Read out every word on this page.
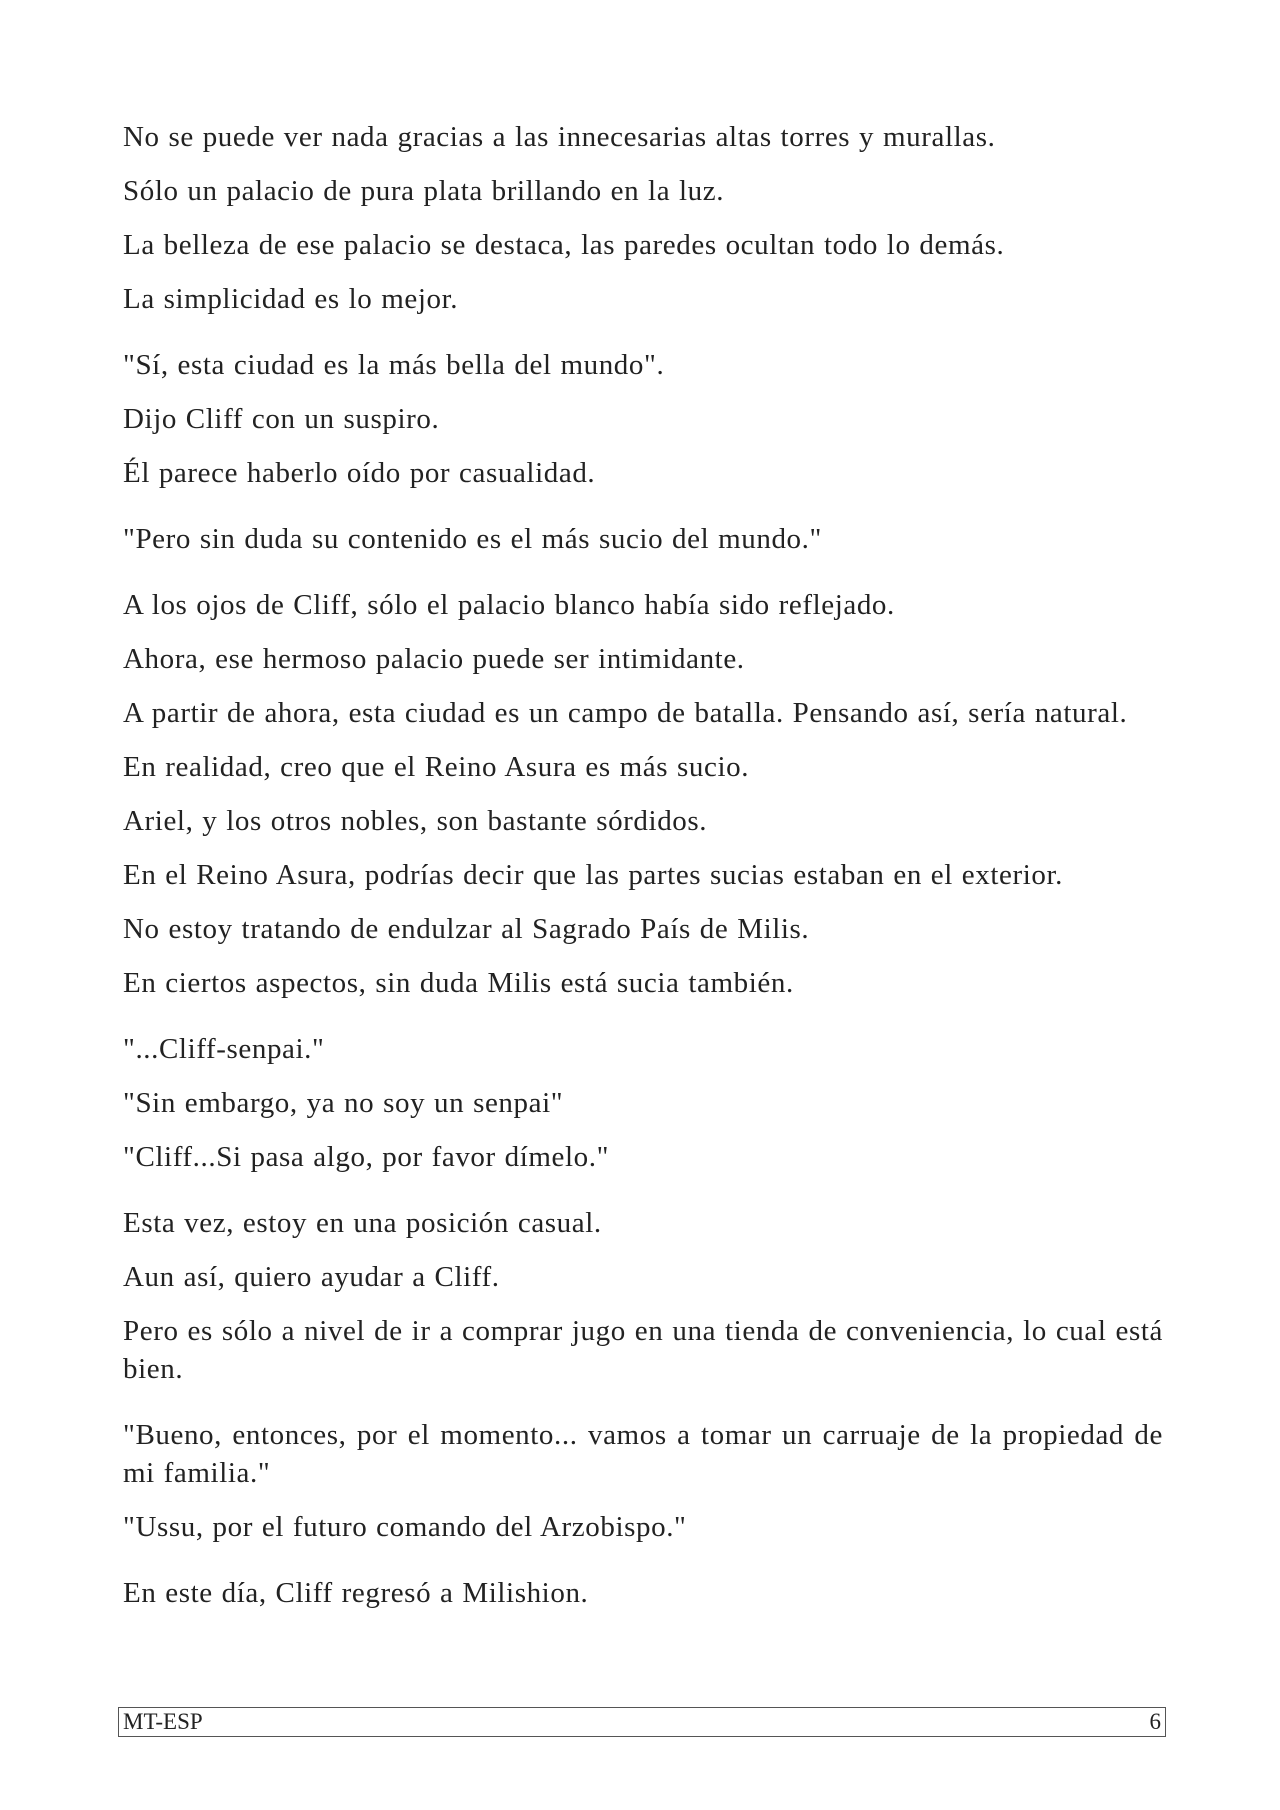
No se puede ver nada gracias a las innecesarias altas torres y murallas.

Sólo un palacio de pura plata brillando en la luz.

La belleza de ese palacio se destaca, las paredes ocultan todo lo demás.

La simplicidad es lo mejor.

"Sí, esta ciudad es la más bella del mundo".

Dijo Cliff con un suspiro.

Él parece haberlo oído por casualidad.

"Pero sin duda su contenido es el más sucio del mundo."

A los ojos de Cliff, sólo el palacio blanco había sido reflejado.

Ahora, ese hermoso palacio puede ser intimidante.

A partir de ahora, esta ciudad es un campo de batalla. Pensando así, sería natural.

En realidad, creo que el Reino Asura es más sucio.

Ariel, y los otros nobles, son bastante sórdidos.

En el Reino Asura, podrías decir que las partes sucias estaban en el exterior.

No estoy tratando de endulzar al Sagrado País de Milis.

En ciertos aspectos, sin duda Milis está sucia también.

"...Cliff-senpai."

"Sin embargo, ya no soy un senpai"

"Cliff...Si pasa algo, por favor dímelo."

Esta vez, estoy en una posición casual.

Aun así, quiero ayudar a Cliff.

Pero es sólo a nivel de ir a comprar jugo en una tienda de conveniencia, lo cual está bien.

"Bueno, entonces, por el momento... vamos a tomar un carruaje de la propiedad de mi familia."

"Ussu, por el futuro comando del Arzobispo."

En este día, Cliff regresó a Milishion.

MT-ESP	6
